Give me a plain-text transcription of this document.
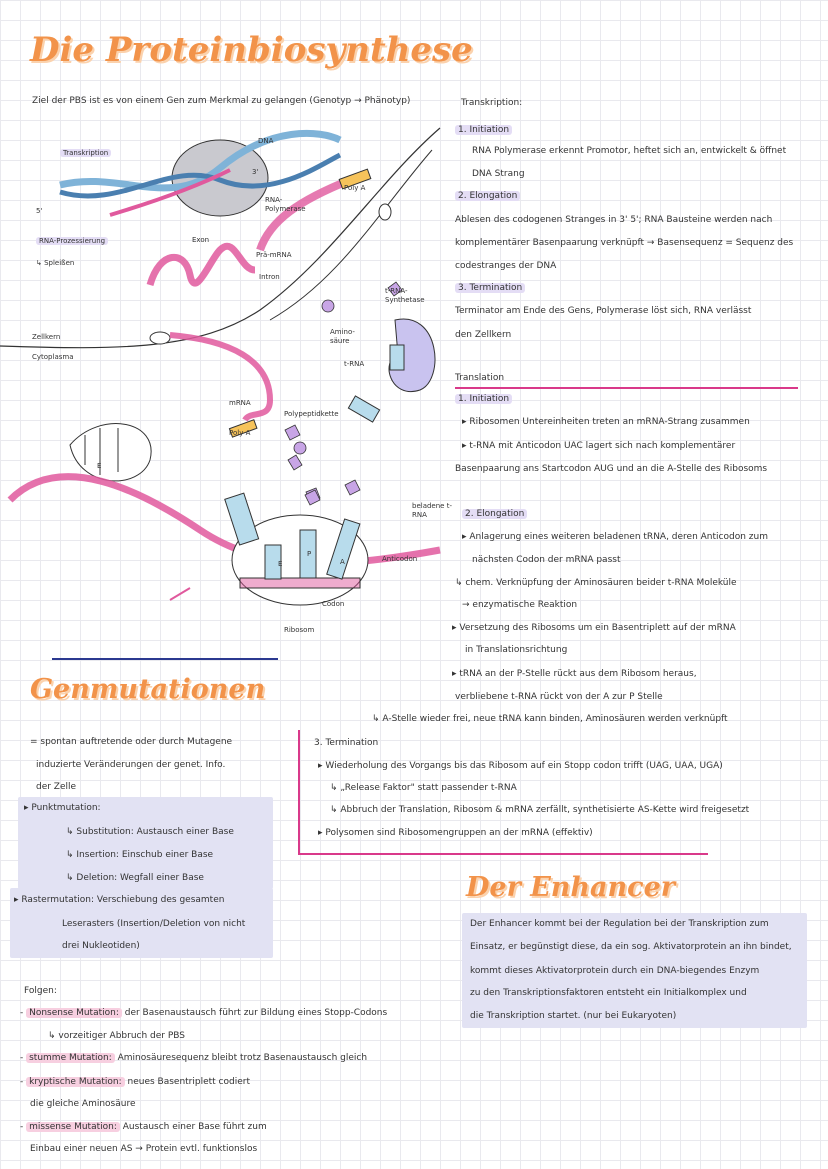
Die Proteinbiosynthese
Ziel der PBS ist es von einem Gen zum Merkmal zu gelangen (Genotyp → Phänotyp)
Transkription
DNA
RNA-Polymerase
5'
3'
Poly A
RNA-Prozessierung
↳ Spleißen
Exon
Prä-mRNA
Intron
t-RNA-Synthetase
Amino-säure
t-RNA
Zellkern
Cytoplasma
mRNA
Poly A
Polypeptidkette
beladene t-RNA
Anticodon
Codon
Ribosom
E
E
P
A
Transkription:
1. Initiation
RNA Polymerase erkennt Promotor, heftet sich an, entwickelt & öffnet
DNA Strang
2. Elongation
Ablesen des codogenen Stranges in 3' 5'; RNA Bausteine werden nach
komplementärer Basenpaarung verknüpft → Basensequenz = Sequenz des
codestranges der DNA
3. Termination
Terminator am Ende des Gens, Polymerase löst sich, RNA verlässt
den Zellkern
Translation
1. Initiation
▸ Ribosomen Untereinheiten treten an mRNA-Strang zusammen
▸ t-RNA mit Anticodon UAC lagert sich nach komplementärer
Basenpaarung ans Startcodon AUG und an die A-Stelle des Ribosoms
2. Elongation
▸ Anlagerung eines weiteren beladenen tRNA, deren Anticodon zum
nächsten Codon der mRNA passt
↳ chem. Verknüpfung der Aminosäuren beider t-RNA Moleküle
→ enzymatische Reaktion
▸ Versetzung des Ribosoms um ein Basentriplett auf der mRNA
in Translationsrichtung
▸ tRNA an der P-Stelle rückt aus dem Ribosom heraus,
verbliebene t-RNA rückt von der A zur P Stelle
↳ A-Stelle wieder frei, neue tRNA kann binden, Aminosäuren werden verknüpft
3. Termination
▸ Wiederholung des Vorgangs bis das Ribosom auf ein Stopp codon trifft (UAG, UAA, UGA)
↳ „Release Faktor" statt passender t-RNA
↳ Abbruch der Translation, Ribosom & mRNA zerfällt, synthetisierte AS-Kette wird freigesetzt
▸ Polysomen sind Ribosomengruppen an der mRNA (effektiv)
Genmutationen
= spontan auftretende oder durch Mutagene
induzierte Veränderungen der genet. Info.
der Zelle
▸ Punktmutation:
↳ Substitution: Austausch einer Base
↳ Insertion: Einschub einer Base
↳ Deletion: Wegfall einer Base
▸ Rastermutation: Verschiebung des gesamten
Leserasters (Insertion/Deletion von nicht
drei Nukleotiden)
Folgen:
- Nonsense Mutation: der Basenaustausch führt zur Bildung eines Stopp-Codons
↳ vorzeitiger Abbruch der PBS
- stumme Mutation: Aminosäuresequenz bleibt trotz Basenaustausch gleich
- kryptische Mutation: neues Basentriplett codiert
die gleiche Aminosäure
- missense Mutation: Austausch einer Base führt zum
Einbau einer neuen AS → Protein evtl. funktionslos
Der Enhancer
Der Enhancer kommt bei der Regulation bei der Transkription zum
Einsatz, er begünstigt diese, da ein sog. Aktivatorprotein an ihn bindet,
kommt dieses Aktivatorprotein durch ein DNA-biegendes Enzym
zu den Transkriptionsfaktoren entsteht ein Initialkomplex und
die Transkription startet. (nur bei Eukaryoten)
